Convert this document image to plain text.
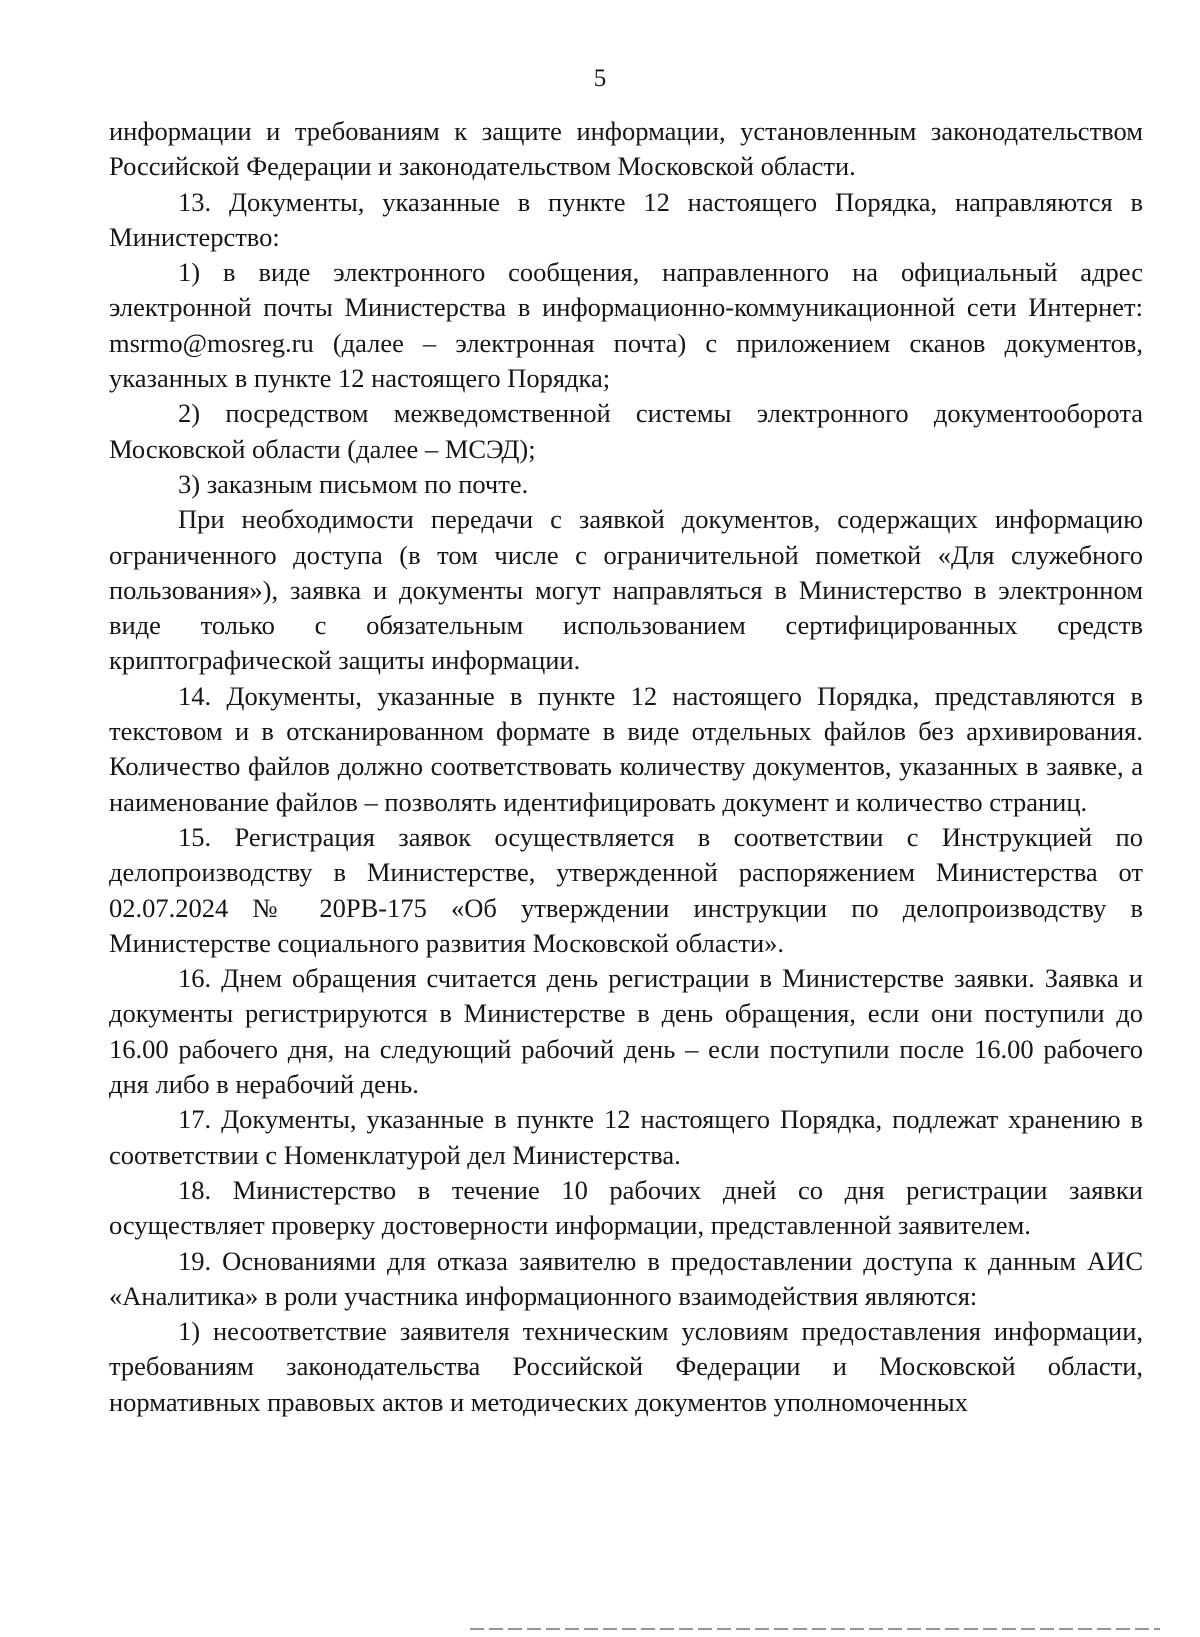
5

информации и требованиям к защите информации, установленным законодательством Российской Федерации и законодательством Московской области.

13. Документы, указанные в пункте 12 настоящего Порядка, направляются в Министерство:

1) в виде электронного сообщения, направленного на официальный адрес электронной почты Министерства в информационно-коммуникационной сети Интернет: msrmo@mosreg.ru (далее – электронная почта) с приложением сканов документов, указанных в пункте 12 настоящего Порядка;

2) посредством межведомственной системы электронного документооборота Московской области (далее – МСЭД);

3) заказным письмом по почте.

При необходимости передачи с заявкой документов, содержащих информацию ограниченного доступа (в том числе с ограничительной пометкой «Для служебного пользования»), заявка и документы могут направляться в Министерство в электронном виде только с обязательным использованием сертифицированных средств криптографической защиты информации.

14. Документы, указанные в пункте 12 настоящего Порядка, представляются в текстовом и в отсканированном формате в виде отдельных файлов без архивирования. Количество файлов должно соответствовать количеству документов, указанных в заявке, а наименование файлов – позволять идентифицировать документ и количество страниц.

15. Регистрация заявок осуществляется в соответствии с Инструкцией по делопроизводству в Министерстве, утвержденной распоряжением Министерства от 02.07.2024 № 20РВ-175 «Об утверждении инструкции по делопроизводству в Министерстве социального развития Московской области».

16. Днем обращения считается день регистрации в Министерстве заявки. Заявка и документы регистрируются в Министерстве в день обращения, если они поступили до 16.00 рабочего дня, на следующий рабочий день – если поступили после 16.00 рабочего дня либо в нерабочий день.

17. Документы, указанные в пункте 12 настоящего Порядка, подлежат хранению в соответствии с Номенклатурой дел Министерства.

18. Министерство в течение 10 рабочих дней со дня регистрации заявки осуществляет проверку достоверности информации, представленной заявителем.

19. Основаниями для отказа заявителю в предоставлении доступа к данным АИС «Аналитика» в роли участника информационного взаимодействия являются:

1) несоответствие заявителя техническим условиям предоставления информации, требованиям законодательства Российской Федерации и Московской области, нормативных правовых актов и методических документов уполномоченных
